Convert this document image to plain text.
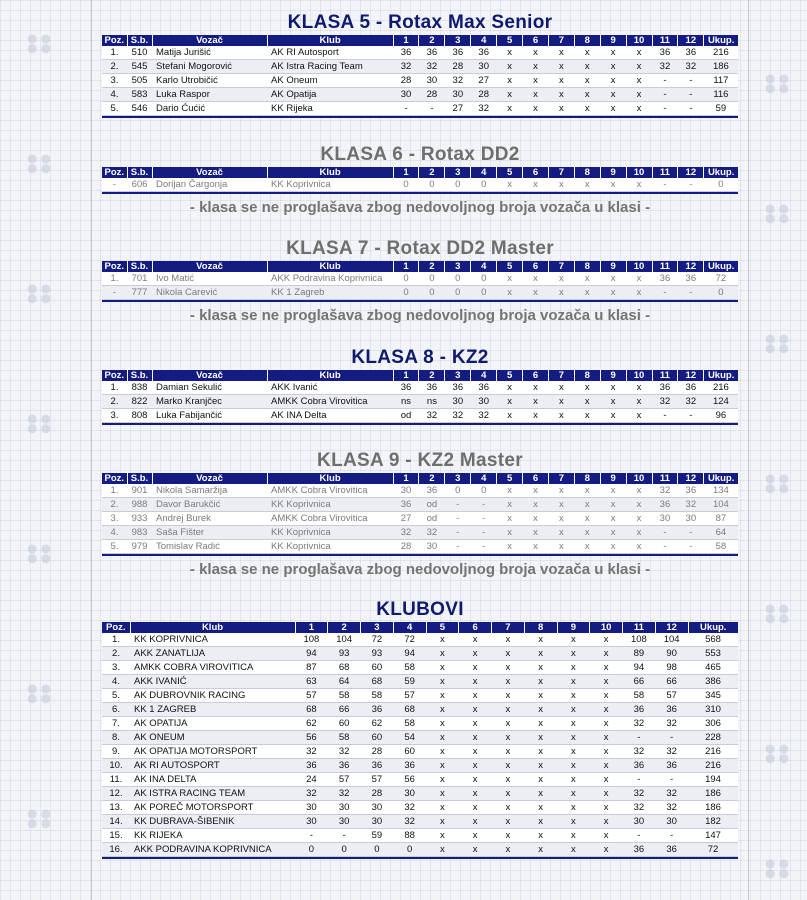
KLASA 5 - Rotax Max Senior
Poz.	S.b.	Vozač	Klub	1	2	3	4	5	6	7	8	9	10	11	12	Ukup.
1.	510	Matija Jurišić	AK RI Autosport	36	36	36	36	x	x	x	x	x	x	36	36	216
2.	545	Stefani Mogorović	AK Istra Racing Team	32	32	28	30	x	x	x	x	x	x	32	32	186
3.	505	Karlo Utrobičić	AK Oneum	28	30	32	27	x	x	x	x	x	x	-	-	117
4.	583	Luka Raspor	AK Opatija	30	28	30	28	x	x	x	x	x	x	-	-	116
5.	546	Dario Ćućić	KK Rijeka	-	-	27	32	x	x	x	x	x	x	-	-	59
KLASA 6 - Rotax DD2
Poz.	S.b.	Vozač	Klub	1	2	3	4	5	6	7	8	9	10	11	12	Ukup.
-	606	Dorijan Čargonja	KK Koprivnica	0	0	0	0	x	x	x	x	x	x	-	-	0
- klasa se ne proglašava zbog nedovoljnog broja vozača u klasi -
KLASA 7 - Rotax DD2 Master
Poz.	S.b.	Vozač	Klub	1	2	3	4	5	6	7	8	9	10	11	12	Ukup.
1.	701	Ivo Matić	AKK Podravina Koprivnica	0	0	0	0	x	x	x	x	x	x	36	36	72
-	777	Nikola Carević	KK 1 Zagreb	0	0	0	0	x	x	x	x	x	x	-	-	0
- klasa se ne proglašava zbog nedovoljnog broja vozača u klasi -
KLASA 8 - KZ2
Poz.	S.b.	Vozač	Klub	1	2	3	4	5	6	7	8	9	10	11	12	Ukup.
1.	838	Damian Sekulić	AKK Ivanić	36	36	36	36	x	x	x	x	x	x	36	36	216
2.	822	Marko Kranjčec	AMKK Cobra Virovitica	ns	ns	30	30	x	x	x	x	x	x	32	32	124
3.	808	Luka Fabijančić	AK INA Delta	od	32	32	32	x	x	x	x	x	x	-	-	96
KLASA 9 - KZ2 Master
Poz.	S.b.	Vozač	Klub	1	2	3	4	5	6	7	8	9	10	11	12	Ukup.
1.	901	Nikola Samaržija	AMKK Cobra Virovitica	30	36	0	0	x	x	x	x	x	x	32	36	134
2.	988	Davor Barukčić	KK Koprivnica	36	od	-	-	x	x	x	x	x	x	36	32	104
3.	933	Andrej Burek	AMKK Cobra Virovitica	27	od	-	-	x	x	x	x	x	x	30	30	87
4.	983	Saša Fišter	KK Koprivnica	32	32	-	-	x	x	x	x	x	x	-	-	64
5.	979	Tomislav Radić	KK Koprivnica	28	30	-	-	x	x	x	x	x	x	-	-	58
- klasa se ne proglašava zbog nedovoljnog broja vozača u klasi -
KLUBOVI
Poz.	Klub	1	2	3	4	5	6	7	8	9	10	11	12	Ukup.
1.	KK KOPRIVNICA	108	104	72	72	x	x	x	x	x	x	108	104	568
2.	AKK ZANATLIJA	94	93	93	94	x	x	x	x	x	x	89	90	553
3.	AMKK COBRA VIROVITICA	87	68	60	58	x	x	x	x	x	x	94	98	465
4.	AKK IVANIĆ	63	64	68	59	x	x	x	x	x	x	66	66	386
5.	AK DUBROVNIK RACING	57	58	58	57	x	x	x	x	x	x	58	57	345
6.	KK 1 ZAGREB	68	66	36	68	x	x	x	x	x	x	36	36	310
7.	AK OPATIJA	62	60	62	58	x	x	x	x	x	x	32	32	306
8.	AK ONEUM	56	58	60	54	x	x	x	x	x	x	-	-	228
9.	AK OPATIJA MOTORSPORT	32	32	28	60	x	x	x	x	x	x	32	32	216
10.	AK RI AUTOSPORT	36	36	36	36	x	x	x	x	x	x	36	36	216
11.	AK INA DELTA	24	57	57	56	x	x	x	x	x	x	-	-	194
12.	AK ISTRA RACING TEAM	32	32	28	30	x	x	x	x	x	x	32	32	186
13.	AK POREČ MOTORSPORT	30	30	30	32	x	x	x	x	x	x	32	32	186
14.	KK DUBRAVA-ŠIBENIK	30	30	30	32	x	x	x	x	x	x	30	30	182
15.	KK RIJEKA	-	-	59	88	x	x	x	x	x	x	-	-	147
16.	AKK PODRAVINA KOPRIVNICA	0	0	0	0	x	x	x	x	x	x	36	36	72
